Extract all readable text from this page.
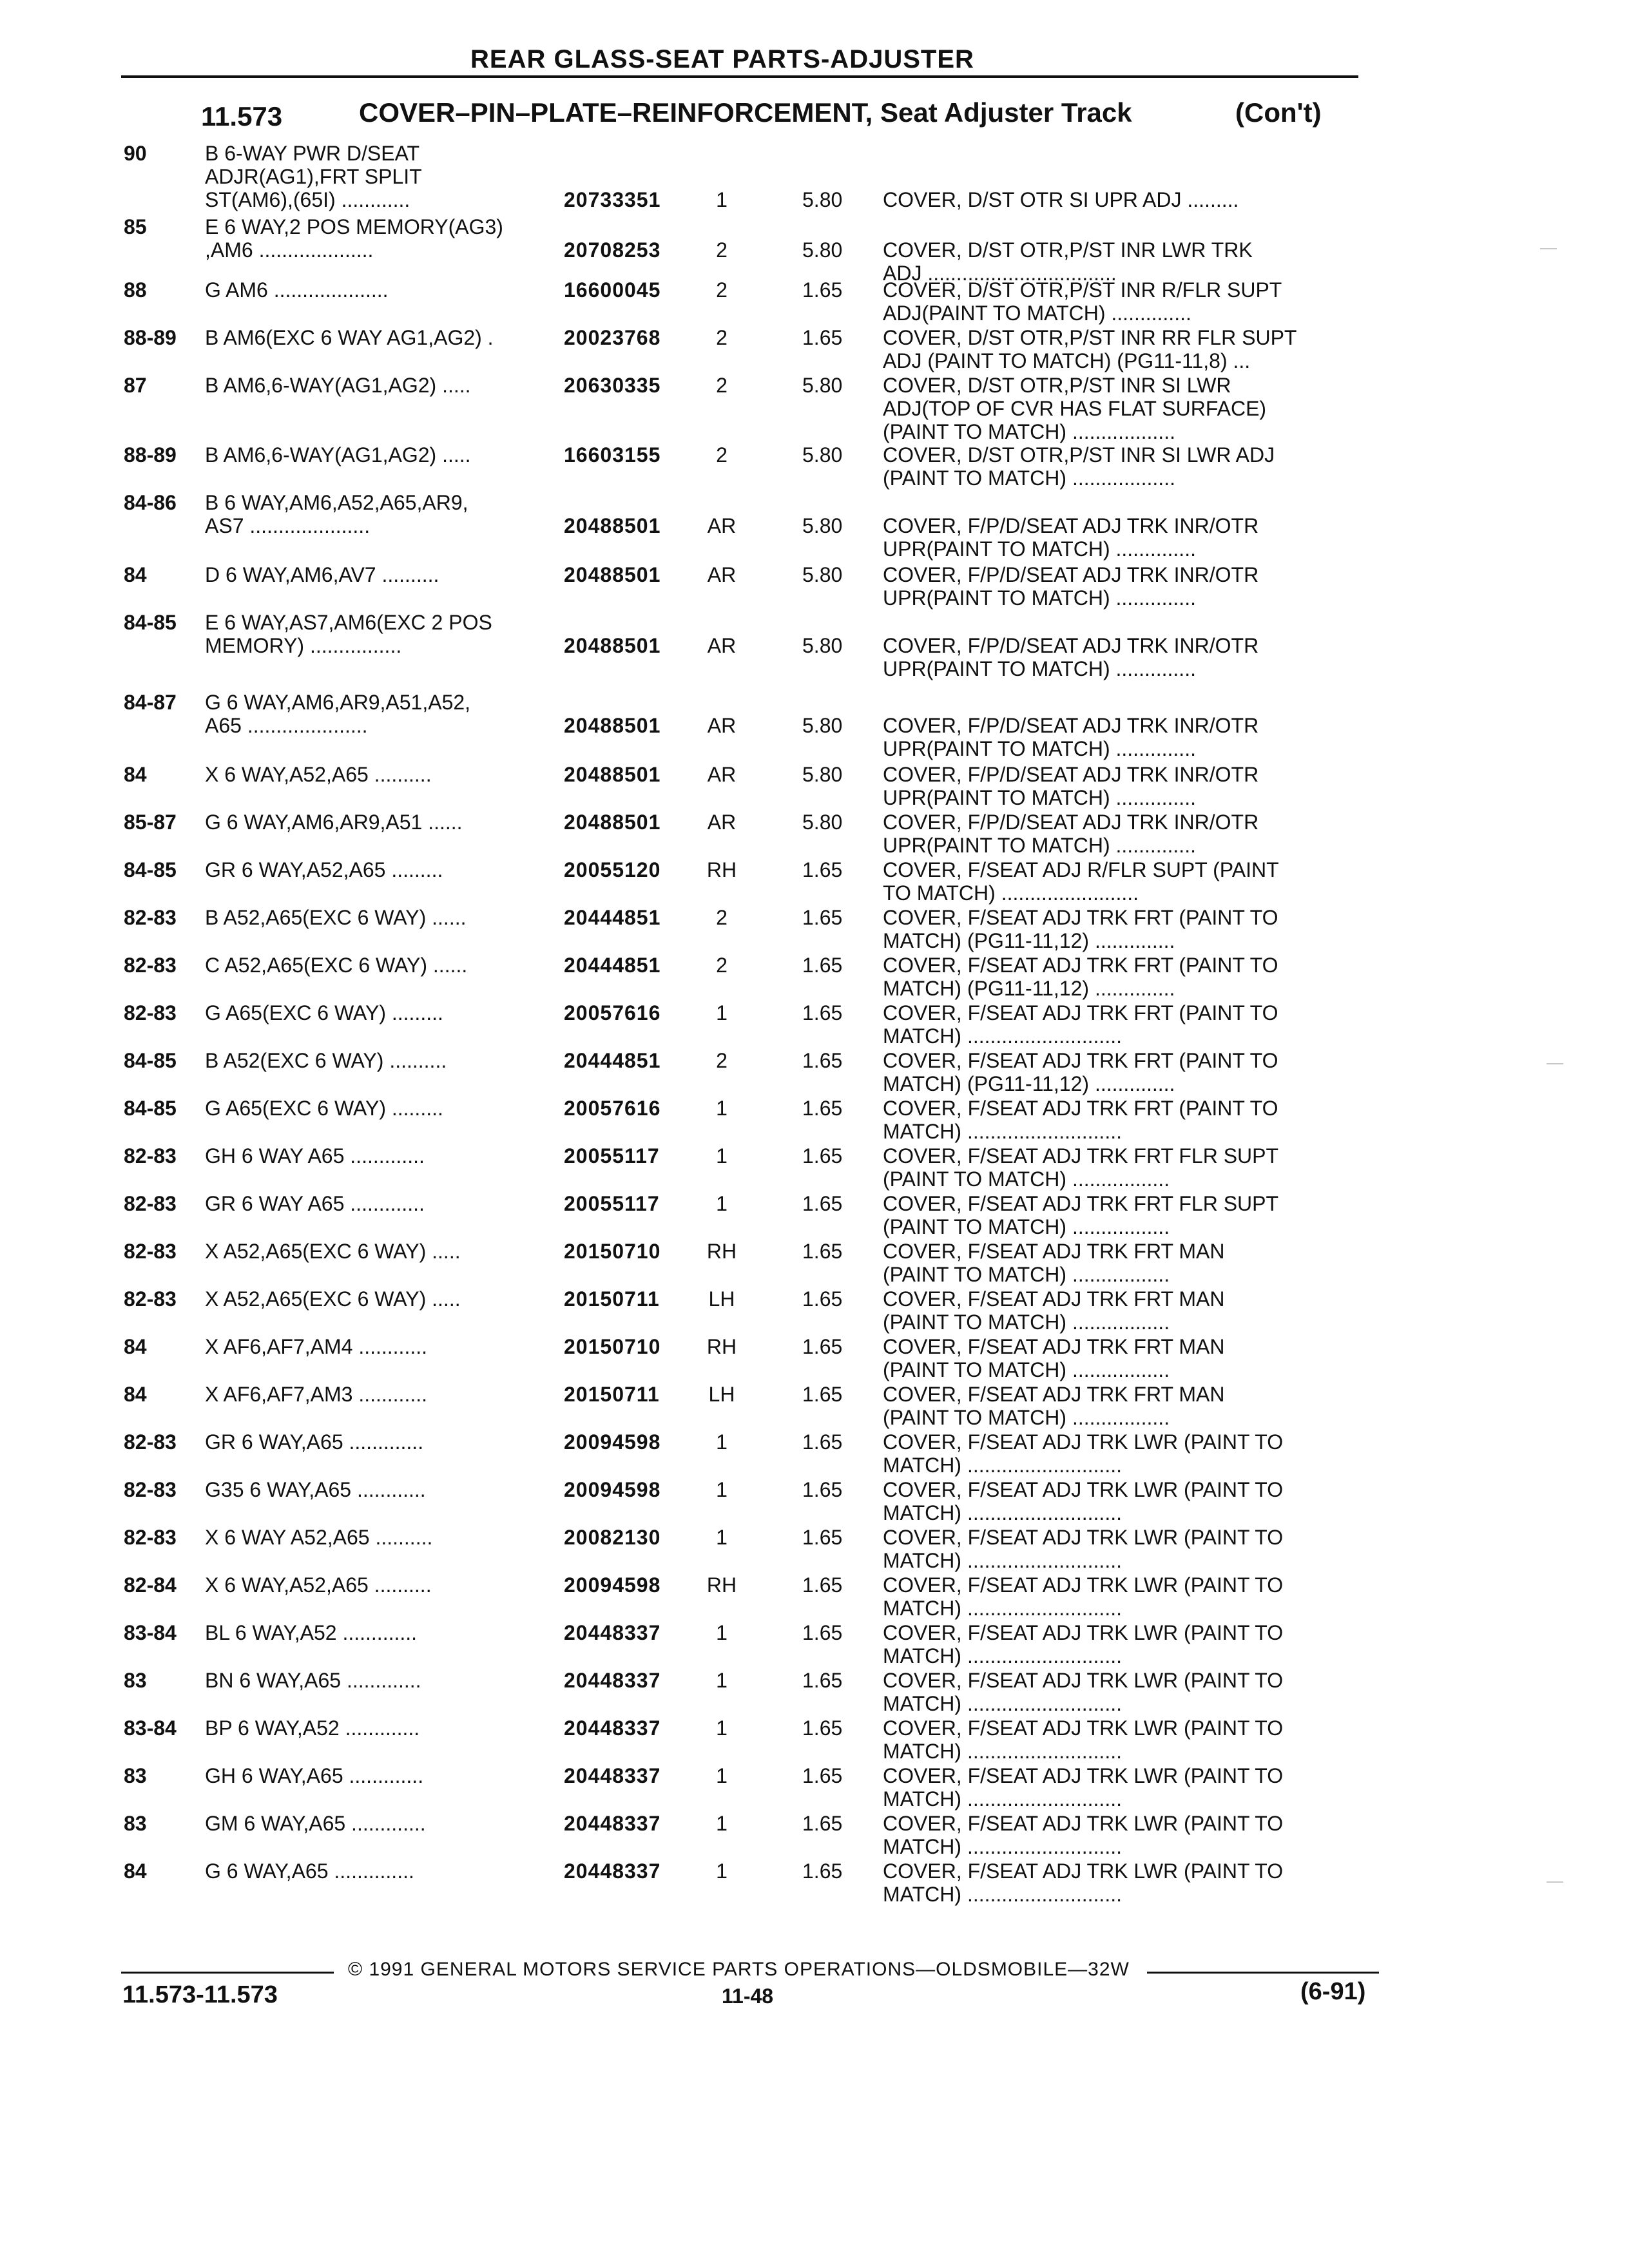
REAR GLASS-SEAT PARTS-ADJUSTER
11.573	COVER–PIN–PLATE–REINFORCEMENT, Seat Adjuster Track	(Con't)
90	B 6-WAY PWR D/SEAT
ADJR(AG1),FRT SPLIT
ST(AM6),(65I) ............	20733351	1	5.80	COVER, D/ST OTR SI UPR ADJ .........
85	E 6 WAY,2 POS MEMORY(AG3)
,AM6 ....................	20708253	2	5.80	COVER, D/ST OTR,P/ST INR LWR TRK
ADJ .................................
88	G AM6 ....................	16600045	2	1.65	COVER, D/ST OTR,P/ST INR R/FLR SUPT
ADJ(PAINT TO MATCH) ..............
88-89	B AM6(EXC 6 WAY AG1,AG2) .	20023768	2	1.65	COVER, D/ST OTR,P/ST INR RR FLR SUPT
ADJ (PAINT TO MATCH) (PG11-11,8) ...
87	B AM6,6-WAY(AG1,AG2) .....	20630335	2	5.80	COVER, D/ST OTR,P/ST INR SI LWR
ADJ(TOP OF CVR HAS FLAT SURFACE)
(PAINT TO MATCH) ..................
88-89	B AM6,6-WAY(AG1,AG2) .....	16603155	2	5.80	COVER, D/ST OTR,P/ST INR SI LWR ADJ
(PAINT TO MATCH) ..................
84-86	B 6 WAY,AM6,A52,A65,AR9,
AS7 .....................	20488501	AR	5.80	COVER, F/P/D/SEAT ADJ TRK INR/OTR
UPR(PAINT TO MATCH) ..............
84	D 6 WAY,AM6,AV7 ..........	20488501	AR	5.80	COVER, F/P/D/SEAT ADJ TRK INR/OTR
UPR(PAINT TO MATCH) ..............
84-85	E 6 WAY,AS7,AM6(EXC 2 POS
MEMORY) ................	20488501	AR	5.80	COVER, F/P/D/SEAT ADJ TRK INR/OTR
UPR(PAINT TO MATCH) ..............
84-87	G 6 WAY,AM6,AR9,A51,A52,
A65 .....................	20488501	AR	5.80	COVER, F/P/D/SEAT ADJ TRK INR/OTR
UPR(PAINT TO MATCH) ..............
84	X 6 WAY,A52,A65 ..........	20488501	AR	5.80	COVER, F/P/D/SEAT ADJ TRK INR/OTR
UPR(PAINT TO MATCH) ..............
85-87	G 6 WAY,AM6,AR9,A51 ......	20488501	AR	5.80	COVER, F/P/D/SEAT ADJ TRK INR/OTR
UPR(PAINT TO MATCH) ..............
84-85	GR 6 WAY,A52,A65 .........	20055120	RH	1.65	COVER, F/SEAT ADJ R/FLR SUPT (PAINT
TO MATCH) ........................
82-83	B A52,A65(EXC 6 WAY) ......	20444851	2	1.65	COVER, F/SEAT ADJ TRK FRT (PAINT TO
MATCH) (PG11-11,12) ..............
82-83	C A52,A65(EXC 6 WAY) ......	20444851	2	1.65	COVER, F/SEAT ADJ TRK FRT (PAINT TO
MATCH) (PG11-11,12) ..............
82-83	G A65(EXC 6 WAY) .........	20057616	1	1.65	COVER, F/SEAT ADJ TRK FRT (PAINT TO
MATCH) ...........................
84-85	B A52(EXC 6 WAY) ..........	20444851	2	1.65	COVER, F/SEAT ADJ TRK FRT (PAINT TO
MATCH) (PG11-11,12) ..............
84-85	G A65(EXC 6 WAY) .........	20057616	1	1.65	COVER, F/SEAT ADJ TRK FRT (PAINT TO
MATCH) ...........................
82-83	GH 6 WAY A65 .............	20055117	1	1.65	COVER, F/SEAT ADJ TRK FRT FLR SUPT
(PAINT TO MATCH) .................
82-83	GR 6 WAY A65 .............	20055117	1	1.65	COVER, F/SEAT ADJ TRK FRT FLR SUPT
(PAINT TO MATCH) .................
82-83	X A52,A65(EXC 6 WAY) .....	20150710	RH	1.65	COVER, F/SEAT ADJ TRK FRT MAN
(PAINT TO MATCH) .................
82-83	X A52,A65(EXC 6 WAY) .....	20150711	LH	1.65	COVER, F/SEAT ADJ TRK FRT MAN
(PAINT TO MATCH) .................
84	X AF6,AF7,AM4 ............	20150710	RH	1.65	COVER, F/SEAT ADJ TRK FRT MAN
(PAINT TO MATCH) .................
84	X AF6,AF7,AM3 ............	20150711	LH	1.65	COVER, F/SEAT ADJ TRK FRT MAN
(PAINT TO MATCH) .................
82-83	GR 6 WAY,A65 .............	20094598	1	1.65	COVER, F/SEAT ADJ TRK LWR (PAINT TO
MATCH) ...........................
82-83	G35 6 WAY,A65 ............	20094598	1	1.65	COVER, F/SEAT ADJ TRK LWR (PAINT TO
MATCH) ...........................
82-83	X 6 WAY A52,A65 ..........	20082130	1	1.65	COVER, F/SEAT ADJ TRK LWR (PAINT TO
MATCH) ...........................
82-84	X 6 WAY,A52,A65 ..........	20094598	RH	1.65	COVER, F/SEAT ADJ TRK LWR (PAINT TO
MATCH) ...........................
83-84	BL 6 WAY,A52 .............	20448337	1	1.65	COVER, F/SEAT ADJ TRK LWR (PAINT TO
MATCH) ...........................
83	BN 6 WAY,A65 .............	20448337	1	1.65	COVER, F/SEAT ADJ TRK LWR (PAINT TO
MATCH) ...........................
83-84	BP 6 WAY,A52 .............	20448337	1	1.65	COVER, F/SEAT ADJ TRK LWR (PAINT TO
MATCH) ...........................
83	GH 6 WAY,A65 .............	20448337	1	1.65	COVER, F/SEAT ADJ TRK LWR (PAINT TO
MATCH) ...........................
83	GM 6 WAY,A65 .............	20448337	1	1.65	COVER, F/SEAT ADJ TRK LWR (PAINT TO
MATCH) ...........................
84	G 6 WAY,A65 ..............	20448337	1	1.65	COVER, F/SEAT ADJ TRK LWR (PAINT TO
MATCH) ...........................
© 1991 GENERAL MOTORS SERVICE PARTS OPERATIONS—OLDSMOBILE—32W
11.573-11.573	11-48	(6-91)
